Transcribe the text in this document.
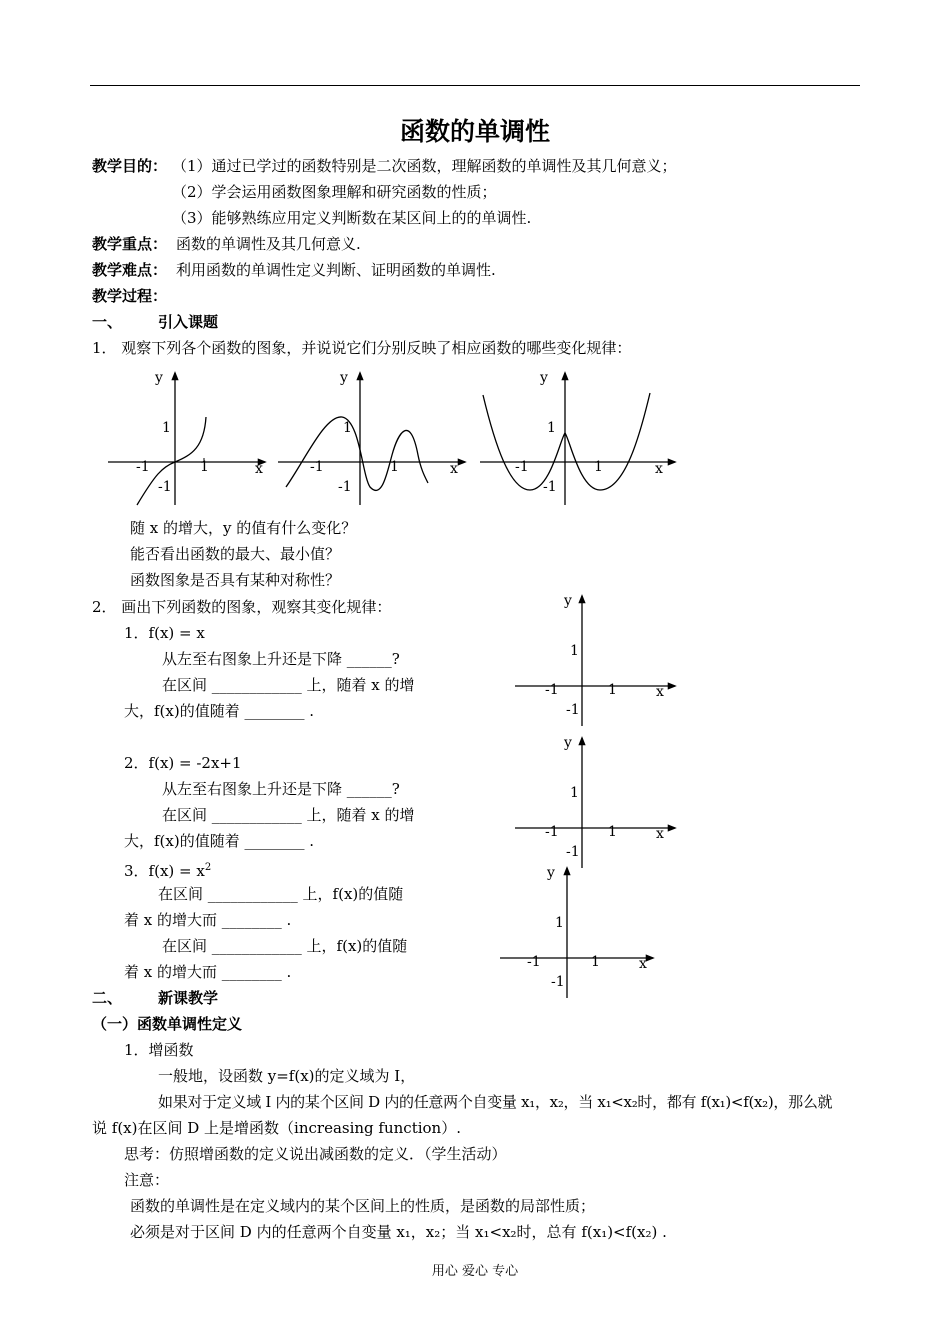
函数的单调性
教学目的： （1）通过已学过的函数特别是二次函数，理解函数的单调性及其几何意义；
（2）学会运用函数图象理解和研究函数的性质；
（3）能够熟练应用定义判断数在某区间上的的单调性.
教学重点： 函数的单调性及其几何意义.
教学难点： 利用函数的单调性定义判断、证明函数的单调性.
教学过程：
一、 引入课题
1． 观察下列各个函数的图象，并说说它们分别反映了相应函数的哪些变化规律：
y
x
1
1
-1
-1
y
x
1
1
-1
-1
y
x
1
1
-1
-1
随 x 的增大，y 的值有什么变化？
能否看出函数的最大、最小值？
函数图象是否具有某种对称性？
2． 画出下列函数的图象，观察其变化规律：
1．f(x) = x
从左至右图象上升还是下降 ______?
在区间 ____________ 上，随着 x 的增
大，f(x)的值随着 ________ .
2．f(x) = -2x+1
从左至右图象上升还是下降 ______?
在区间 ____________ 上，随着 x 的增
大，f(x)的值随着 ________ .
3．$f(x) = x^2$
在区间 ____________ 上，f(x)的值随
着 x 的增大而 ________ .
在区间 ____________ 上，f(x)的值随
着 x 的增大而 ________ .
y
x
1
1
-1
-1
y
x
1
1
-1
-1
y
x
1
1
-1
-1
二、 新课教学
（一）函数单调性定义
1．增函数
一般地，设函数 y=f(x)的定义域为 I，
如果对于定义域 I 内的某个区间 D 内的任意两个自变量 x₁，x₂，当 x₁<x₂时，都有 f(x₁)<f(x₂)，那么就
说 f(x)在区间 D 上是增函数（increasing function）.
思考：仿照增函数的定义说出减函数的定义．（学生活动）
注意：
函数的单调性是在定义域内的某个区间上的性质，是函数的局部性质；
必须是对于区间 D 内的任意两个自变量 x₁，x₂；当 x₁<x₂时，总有 f(x₁)<f(x₂) .
用心 爱心 专心
